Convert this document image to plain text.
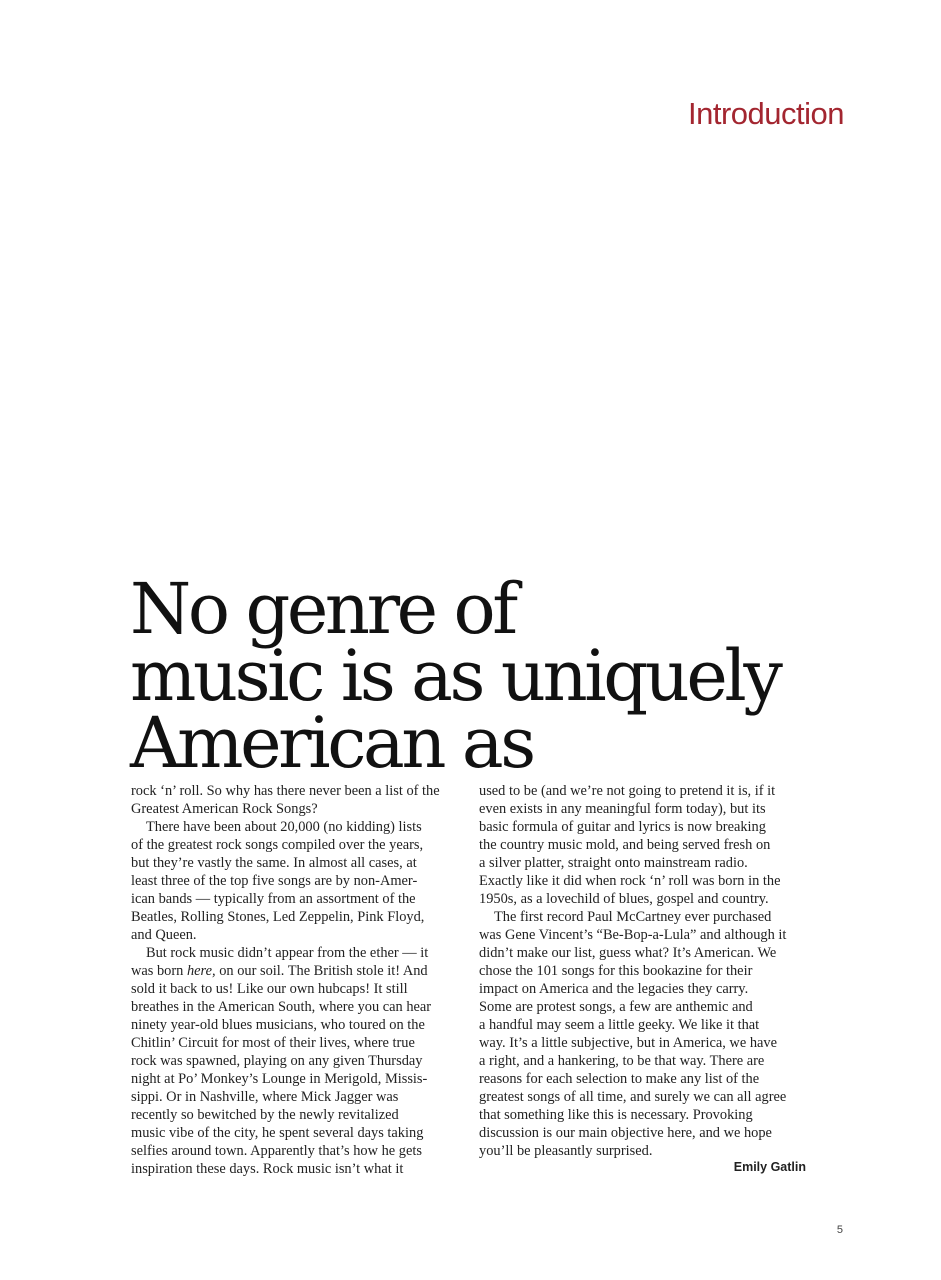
Introduction
No genre of
music is as uniquely
American as
rock ‘n’ roll. So why has there never been a list of the
Greatest American Rock Songs?
There have been about 20,000 (no kidding) lists
of the greatest rock songs compiled over the years,
but they’re vastly the same. In almost all cases, at
least three of the top five songs are by non-Amer-
ican bands — typically from an assortment of the
Beatles, Rolling Stones, Led Zeppelin, Pink Floyd,
and Queen.
But rock music didn’t appear from the ether — it
was born here, on our soil. The British stole it! And
sold it back to us! Like our own hubcaps! It still
breathes in the American South, where you can hear
ninety year-old blues musicians, who toured on the
Chitlin’ Circuit for most of their lives, where true
rock was spawned, playing on any given Thursday
night at Po’ Monkey’s Lounge in Merigold, Missis-
sippi. Or in Nashville, where Mick Jagger was
recently so bewitched by the newly revitalized
music vibe of the city, he spent several days taking
selfies around town. Apparently that’s how he gets
inspiration these days. Rock music isn’t what it
used to be (and we’re not going to pretend it is, if it
even exists in any meaningful form today), but its
basic formula of guitar and lyrics is now breaking
the country music mold, and being served fresh on
a silver platter, straight onto mainstream radio.
Exactly like it did when rock ‘n’ roll was born in the
1950s, as a lovechild of blues, gospel and country.
The first record Paul McCartney ever purchased
was Gene Vincent’s “Be-Bop-a-Lula” and although it
didn’t make our list, guess what? It’s American. We
chose the 101 songs for this bookazine for their
impact on America and the legacies they carry.
Some are protest songs, a few are anthemic and
a handful may seem a little geeky. We like it that
way. It’s a little subjective, but in America, we have
a right, and a hankering, to be that way. There are
reasons for each selection to make any list of the
greatest songs of all time, and surely we can all agree
that something like this is necessary. Provoking
discussion is our main objective here, and we hope
you’ll be pleasantly surprised.

Emily Gatlin

5
